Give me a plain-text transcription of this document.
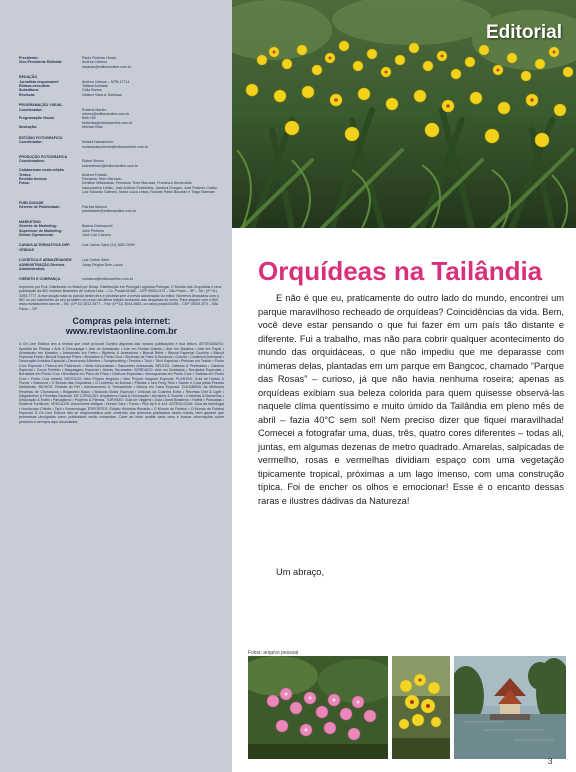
Presidente:	Paulo Roberto Houch
Vice-Presidente Editorial:	Andrea Calmon
redacao@editoraonline.com.br
REDAÇÃO
Jornalista responsável:	Andrea Calmon – MTB 47714
Editora-executiva:	Tatiana Andrade
Subeditora:	Celia Bartos
Revisora:	Helaine Nara A. Barbosa
PROGRAMAÇÃO VISUAL
Coordenador:	Rubens Martim
rubens@editoraonline.com.br
Programação Visual:	Beth Nill
betheliza@editoraonline.com.br
Ilustração:	Michael Braz
ESTÚDIO FOTOGRÁFICO
Coordenador:	Moisés Nascimento
moisesnascimento@editoraonline.com.br
PRODUÇÃO FOTOGRÁFICA
Coordenadora:	Elaine Simoni
elainesimoni@editoraonline.com.br
Colaboraram nesta edição
Textos:	Andrea Furtado
Revisão técnica:	Fernando Terre Marozan
Fotos:	Denilton Wikiarakas, Fernando Terre Marozan, Francisco Deusivaldo
Vasconcelos Leitão, José Antônio Endofoletz, Janaína Dungan, José Roberto Cortez, Luiz Eduardo Salmeio, Maria Luiza Lessa, Rodolfo Pablo Bocardo e Tiago Estevam
PUBLICIDADE
Gerente de Publicidade:	Patrícia Manoni
publicidade@editoraonline.com.br
MARKETING
Gerente de Marketing:	Bianca Greenacchi
Supervisor de Marketing:	Jane Pinheiro
Diretor Operacional:	José Luiz Cazorro
CANAIS ALTERNATIVOS DEP. VENDAS
Luiz Carlos Sane (11) 3687-0099
LOGÍSTICA E ARMAZENAGEM	Luiz Carlos Sane
ADMINISTRAÇÃO Diretora Administrativa:
Jussy Regina Dele Lucca
CRÉDITO E COBRANÇA	cobranca@editoraonline.com.br
Impresso por Prol. Distribuído no Brasil por Dinap. Distribuição em Portugal Logística Portugal. O Mundo das Orquídeas é uma publicação da IBC Instituto Brasileiro de Cultura Ltda. – Cx. Postal 61085 – CEP 05001-970 – São Paulo – SP – Tel.: (0**11) 3393-7777. A reprodução total ou parcial desta obra é proibida sem a prévia autorização do editor. Números Atrasados com o IBC ou por intermédio do seu jornaleiro ao preço da última edição acrescido das despesas de envio. Para adquirir com o IBC: www.revistaonline.com.br – Tel.: (0**11) 3512-9477 – Fax: (0**11) 3044-6683, ou caixa postal 61085 – CEP 05001-970 – São Paulo – SP.
Compras pela internet:
www.revistaonline.com.br
A On Line Editora tem a revista que você procura! Confira algumas das nossas publicações e boa leitura. ARTESANATO: Apostila de Pintura • Arte & Decoupage • Arte do Artesanato • Arte em Festas Infantis • Arte em Madeira • Arte em Papel • Artesanato em Mosaico • Artesanato em Feltro • Bijuteria & Acessórios • Biscuit Bebê • Biscuit Especial Cozinha • Biscuit Especial Festa • Biscuit Especial Potes • Bordados & Ponto Cruz • Bonecas de Pano & Bonecos • Crochê • Cerâmica Artesanal • Decoração Artística Especial • Decorando Alfinetes • Scrapbooking • Tecidos • Tricô • Tricô Especial • Pinturas em Tecido • Ponto Cruz Especial • Pintura em Patchwork • Velas Decorativas • Sabonetes Artesanais. BELEZA: Cabelos & Penteados • Cabelos Especial • Corpo Perfeito • Maquiagem Especial • Unhas Decoradas. BORDADO: Arte em Bordados • Bordados Especiais • Bordados em Ponto Cruz • Bordados em Pano de Prato • Gráficos Especiais • Monogramas em Ponto Cruz • Toalhas em Ponto Cruz • Ponto Cruz Infantil. NEGÓCIO: Meu Próprio Negócio • Meu Próprio Negócio Especial. PLANTAS: Guia de Hortas & Pomar • Natureza • O Mundo das Orquídeas • O Universo do Bonsai • Plantas e seu Feng Shui • Saúde e Cura pelas Plantas Medicinais. BICHOS: Revista do Pet • Adestramento & Treinamento • Bichos em Casa Especial. CULINÁRIA: As Melhores Receitas de Churrascos • Brigadeiro Bolos • Bolando Bolos Especial • Delícias da Cozinha Extra • Receitas Diet & Light • Salgadinhos & Receitas Especial. DE CORAÇÃO: Arquitetura Casa & Decoração • Armários & Closets • Cozinhas & Banheiros • Decoração & Estilo • Paisagismo • Projetos & Plantas. TURISMO: Guia de Viagens • Guia Litoral Brasileiro • Hotéis • Pousadas • Roteiros Turísticos. VEÍCULOS: Automóveis Antigos • Dream Cars • Fusca • Pick Up's & 4x4. ASTROLOGIA: Guia da Astrologia • Horóscopo Chinês • Tarô • Numerologia. ESPORTES: Edição Histórica Ronaldo • O Mundo do Futebol • O Mundo do Futebol Especial. A On Line Editora não se responsabiliza pelo conteúdo dos anúncios publicados nesta revista, bem garante que promessas divulgadas como publicidade serão cumpridas. Cabe ao leitor avaliar cada caso e buscar informações sobre produtos e serviços aqui anunciados.
Editorial
Orquídeas na Tailândia

E não é que eu, praticamente do outro lado do mundo, encontrei um parque maravilhoso recheado de orquídeas? Coincidências da vida. Bem, você deve estar pensando o que fui fazer em um país tão distante e diferente. Fui a trabalho, mas não para cobrir qualquer acontecimento do mundo das orquidáceas, o que não impediu que me deparasse com inúmeras delas, plantadas em um parque em Bangcoc, chamado “Parque das Rosas” – curioso, já que não havia nenhuma roseira; apenas as orquídeas exibiam sua beleza colorida para quem quisesse observá-las naquele clima quentíssimo e muito úmido da Tailândia em pleno mês de abril – fazia 40°C sem sol! Nem preciso dizer que fiquei maravilhada! Comecei a fotografar uma, duas, três, quatro cores diferentes – todas ali, juntas, em algumas dezenas de metro quadrado. Amarelas, salpicadas de vermelho, rosas e vermelhas dividiam espaço com uma vegetação tipicamente tropical, próximas a um lago imenso, com uma construção típica. Foi de encher os olhos e emocionar! Esse é o encanto dessas raras e ilustres dádivas da Natureza!

Um abraço,
Fotos: arquivo pessoal
3
